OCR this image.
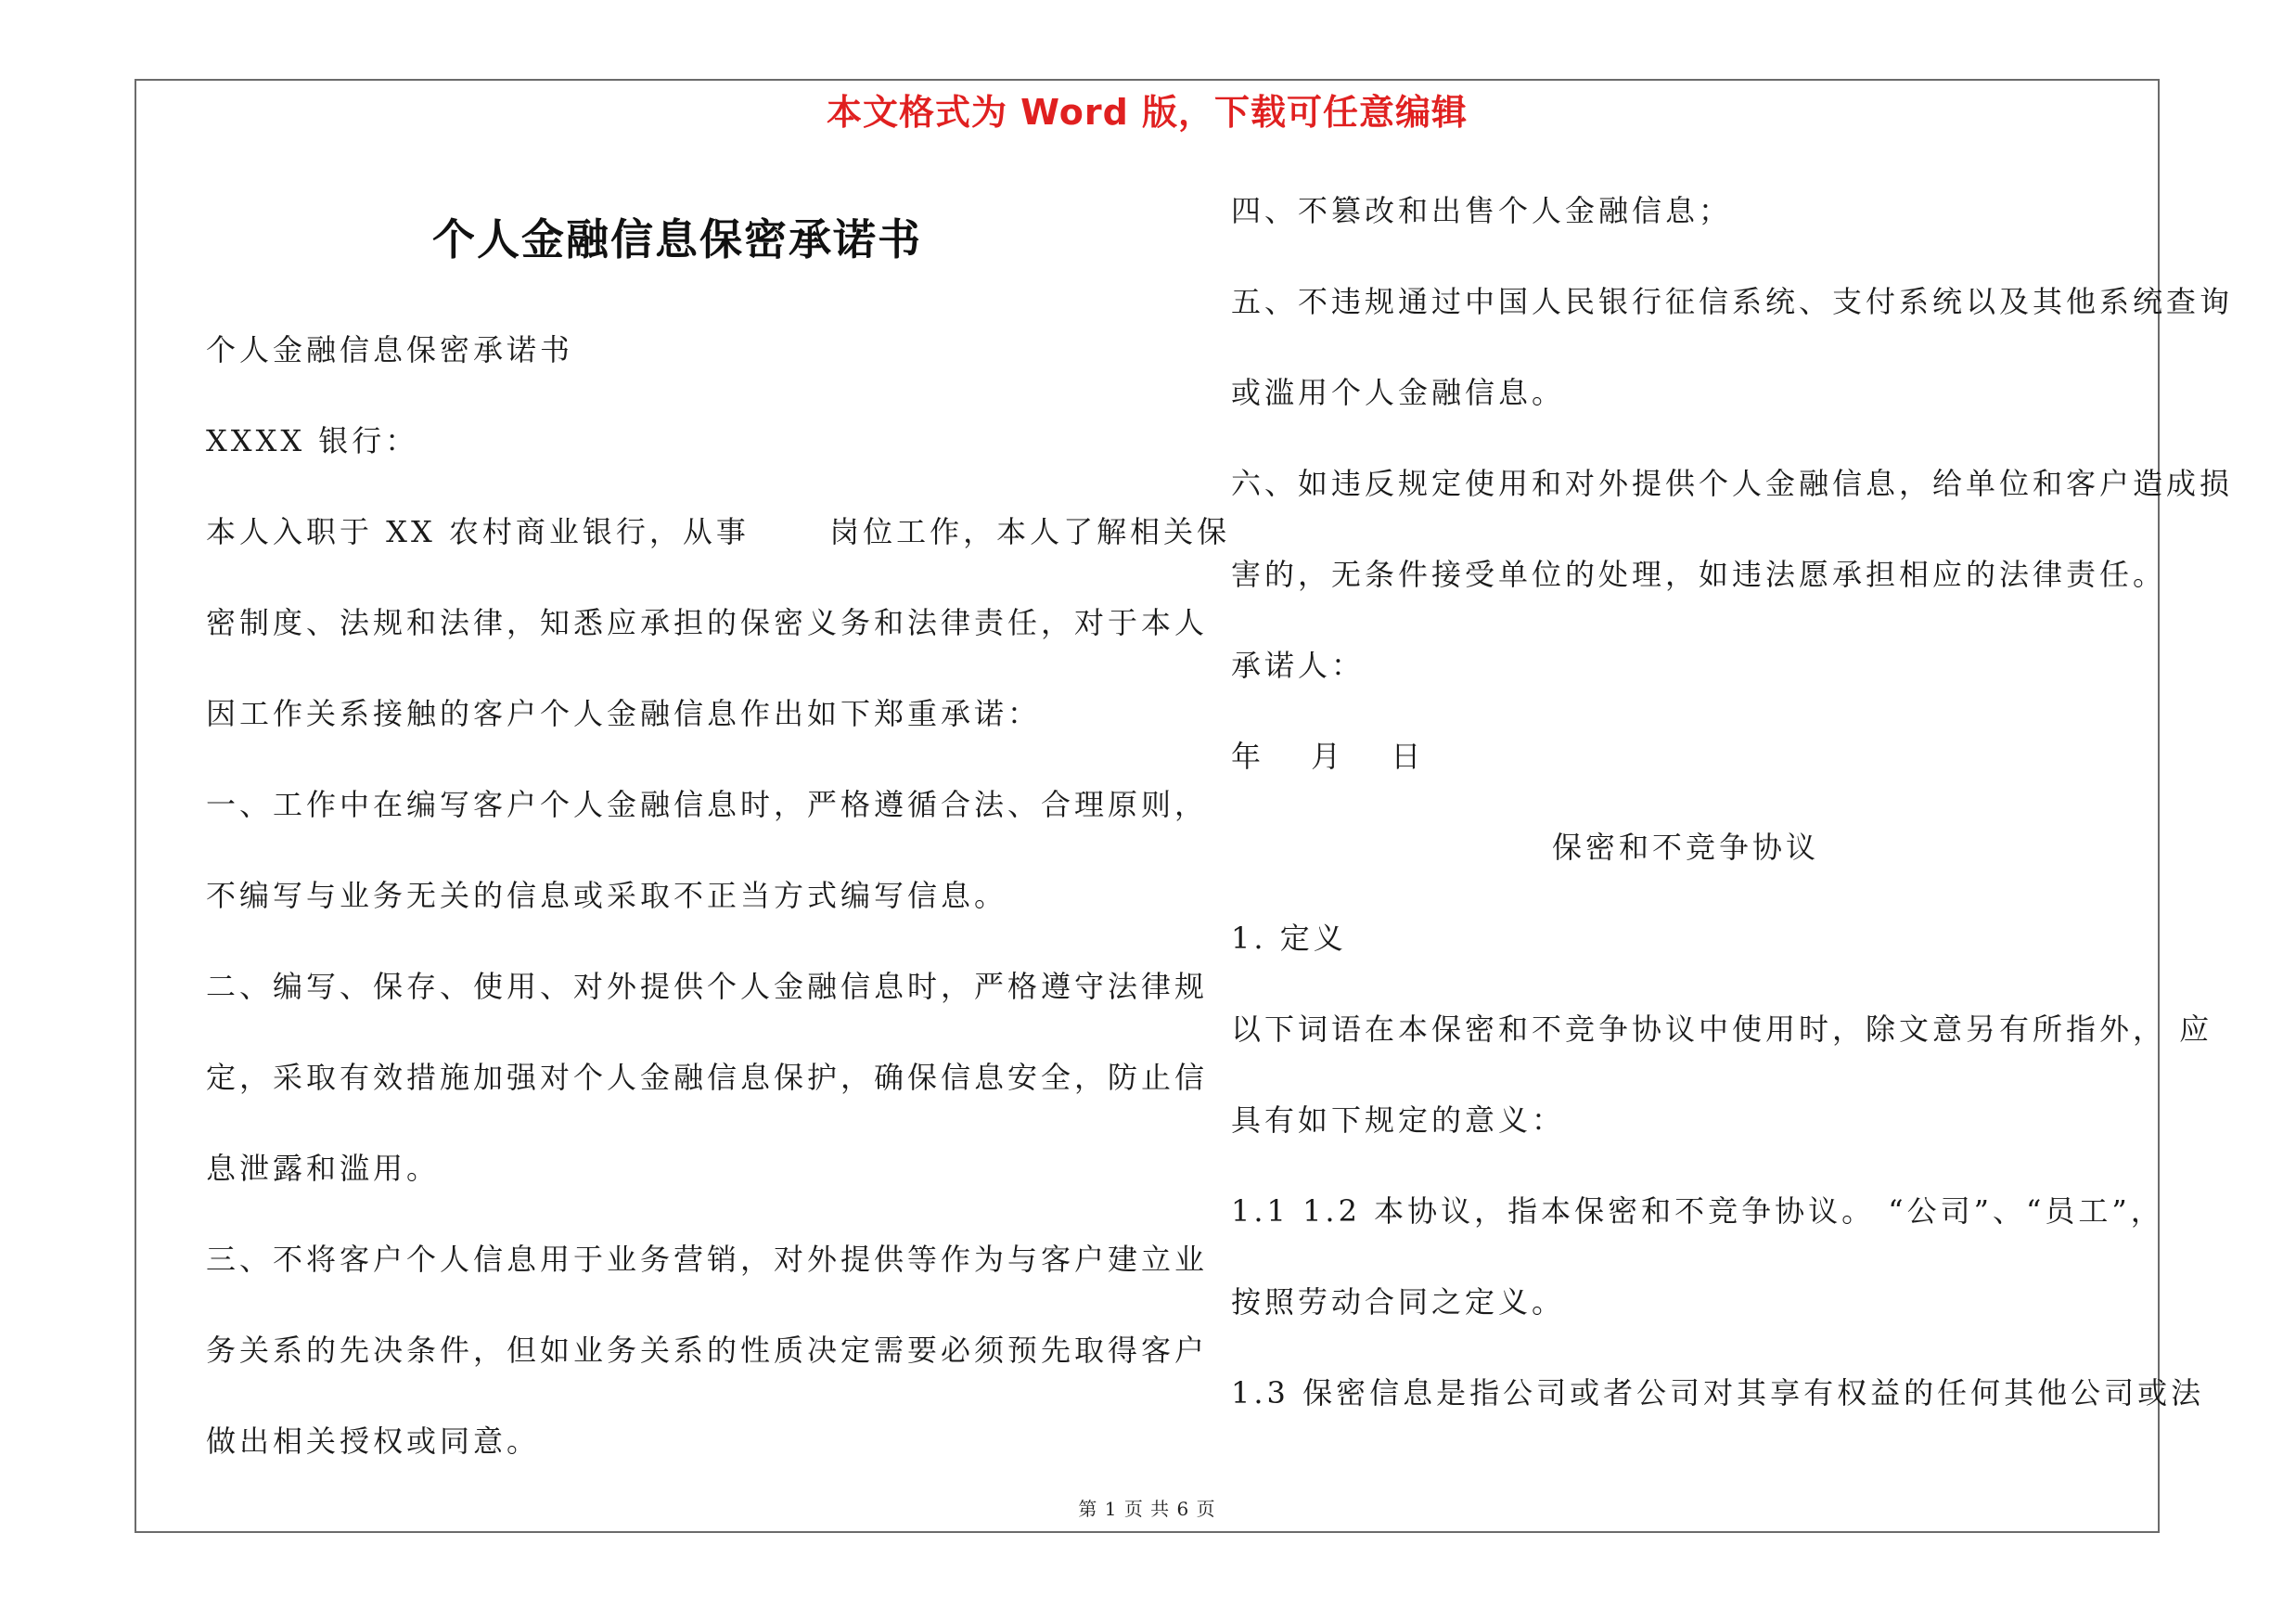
本文格式为 Word 版，下载可任意编辑
个人金融信息保密承诺书
个人金融信息保密承诺书
XXXX 银行：
本人入职于 XX 农村商业银行，从事　　 岗位工作，本人了解相关保
密制度、法规和法律，知悉应承担的保密义务和法律责任，对于本人
因工作关系接触的客户个人金融信息作出如下郑重承诺：
一、工作中在编写客户个人金融信息时，严格遵循合法、合理原则，
不编写与业务无关的信息或采取不正当方式编写信息。
二、编写、保存、使用、对外提供个人金融信息时，严格遵守法律规
定，采取有效措施加强对个人金融信息保护，确保信息安全，防止信
息泄露和滥用。
三、不将客户个人信息用于业务营销，对外提供等作为与客户建立业
务关系的先决条件，但如业务关系的性质决定需要必须预先取得客户
做出相关授权或同意。
四、不篡改和出售个人金融信息；
五、不违规通过中国人民银行征信系统、支付系统以及其他系统查询
或滥用个人金融信息。
六、如违反规定使用和对外提供个人金融信息，给单位和客户造成损
害的，无条件接受单位的处理，如违法愿承担相应的法律责任。
承诺人：
年　 月　 日
保密和不竞争协议
1. 定义
以下词语在本保密和不竞争协议中使用时，除文意另有所指外， 应
具有如下规定的意义：
1.1 1.2 本协议，指本保密和不竞争协议。 “公司”、“员工”，
按照劳动合同之定义。
1.3 保密信息是指公司或者公司对其享有权益的任何其他公司或法
第 1 页 共 6 页
